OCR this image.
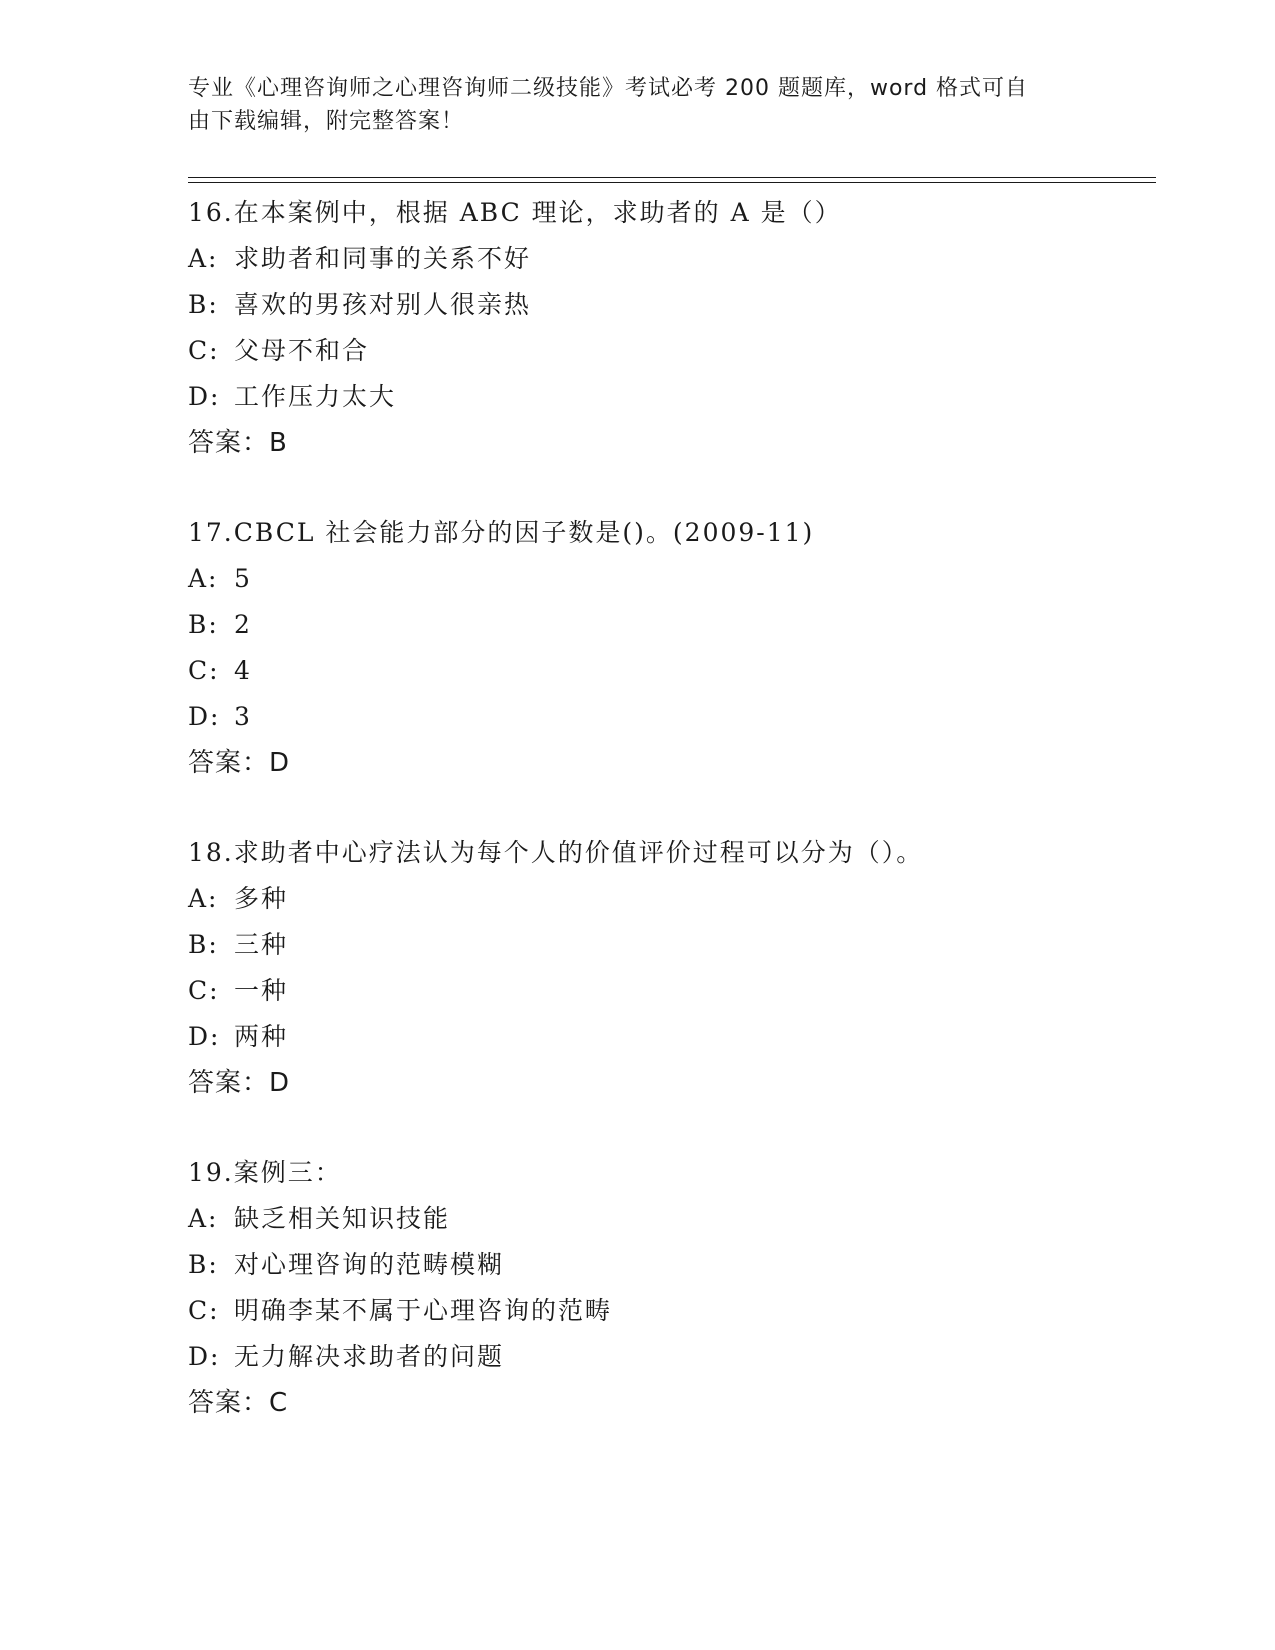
专业《心理咨询师之心理咨询师二级技能》考试必考 200 题题库，word 格式可自
由下载编辑，附完整答案！
16.在本案例中，根据 ABC 理论，求助者的 A 是（）
A: 求助者和同事的关系不好
B: 喜欢的男孩对别人很亲热
C: 父母不和合
D: 工作压力太大
答案：B
17.CBCL 社会能力部分的因子数是()。(2009-11)
A: 5
B: 2
C: 4
D: 3
答案：D
18.求助者中心疗法认为每个人的价值评价过程可以分为（）。
A: 多种
B: 三种
C: 一种
D: 两种
答案：D
19.案例三：
A: 缺乏相关知识技能
B: 对心理咨询的范畴模糊
C: 明确李某不属于心理咨询的范畴
D: 无力解决求助者的问题
答案：C
